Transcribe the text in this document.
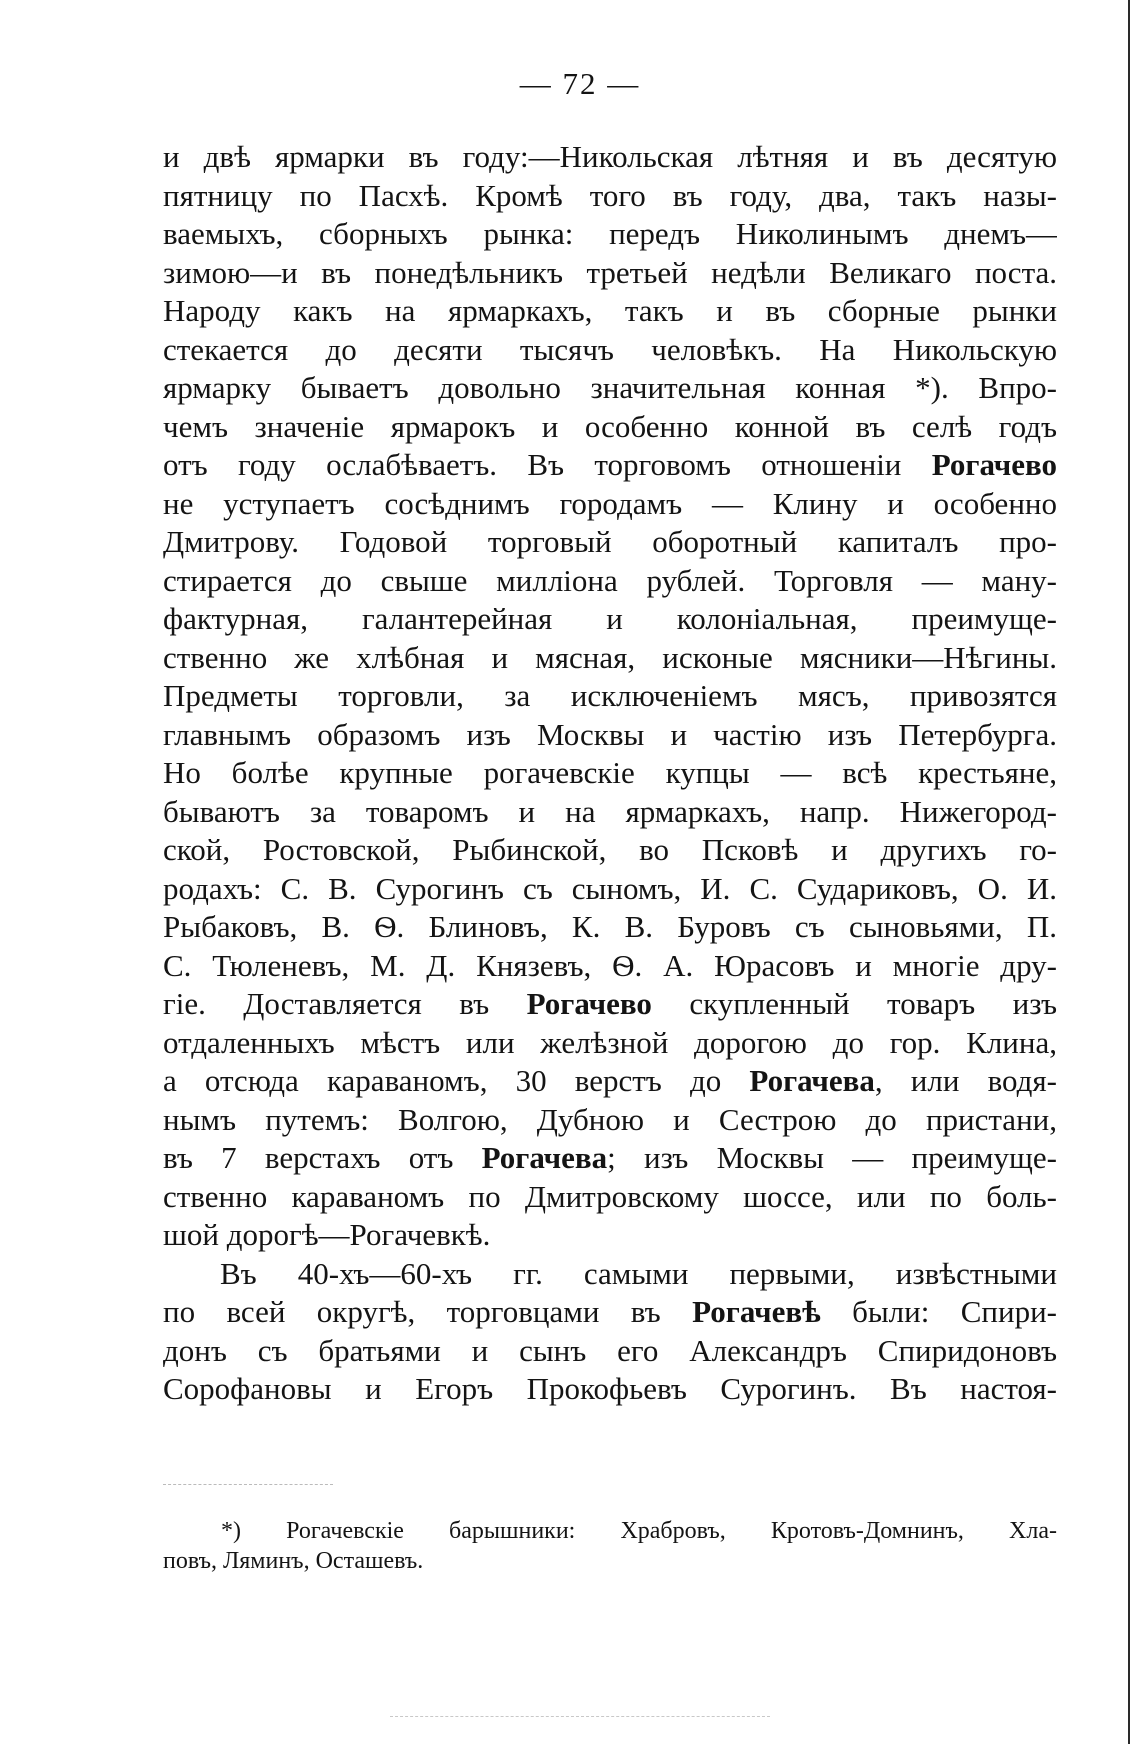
— 72 —
и двѣ ярмарки въ году:—Никольская лѣтняя и въ десятую
пятницу по Пасхѣ. Кромѣ того въ году, два, такъ назы-
ваемыхъ, сборныхъ рынка: передъ Николинымъ днемъ—
зимою—и въ понедѣльникъ третьей недѣли Великаго поста.
Народу какъ на ярмаркахъ, такъ и въ сборные рынки
стекается до десяти тысячъ человѣкъ. На Никольскую
ярмарку бываетъ довольно значительная конная *). Впро-
чемъ значеніе ярмарокъ и особенно конной въ селѣ годъ
отъ году ослабѣваетъ. Въ торговомъ отношеніи Рогачево
не уступаетъ сосѣднимъ городамъ — Клину и особенно
Дмитрову. Годовой торговый оборотный капиталъ про-
стирается до свыше милліона рублей. Торговля — ману-
фактурная, галантерейная и колоніальная, преимуще-
ственно же хлѣбная и мясная, исконые мясники—Нѣгины.
Предметы торговли, за исключеніемъ мясъ, привозятся
главнымъ образомъ изъ Москвы и частію изъ Петербурга.
Но болѣе крупные рогачевскіе купцы — всѣ крестьяне,
бываютъ за товаромъ и на ярмаркахъ, напр. Нижегород-
ской, Ростовской, Рыбинской, во Псковѣ и другихъ го-
родахъ: С. В. Сурогинъ съ сыномъ, И. С. Судариковъ, О. И.
Рыбаковъ, В. Ѳ. Блиновъ, К. В. Буровъ съ сыновьями, П.
С. Тюленевъ, М. Д. Князевъ, Ѳ. А. Юрасовъ и многіе дру-
гіе. Доставляется въ Рогачево скупленный товаръ изъ
отдаленныхъ мѣстъ или желѣзной дорогою до гор. Клина,
а отсюда караваномъ, 30 верстъ до Рогачева, или водя-
нымъ путемъ: Волгою, Дубною и Сестрою до пристани,
въ 7 верстахъ отъ Рогачева; изъ Москвы — преимуще-
ственно караваномъ по Дмитровскому шоссе, или по боль-
шой дорогѣ—Рогачевкѣ.
Въ 40-хъ—60-хъ гг. самыми первыми, извѣстными
по всей округѣ, торговцами въ Рогачевѣ были: Спири-
донъ съ братьями и сынъ его Александръ Спиридоновъ
Сорофановы и Егоръ Прокофьевъ Сурогинъ. Въ настоя-
*) Рогачевскіе барышники: Храбровъ, Кротовъ-Домнинъ, Хла-
повъ, Ляминъ, Осташевъ.
